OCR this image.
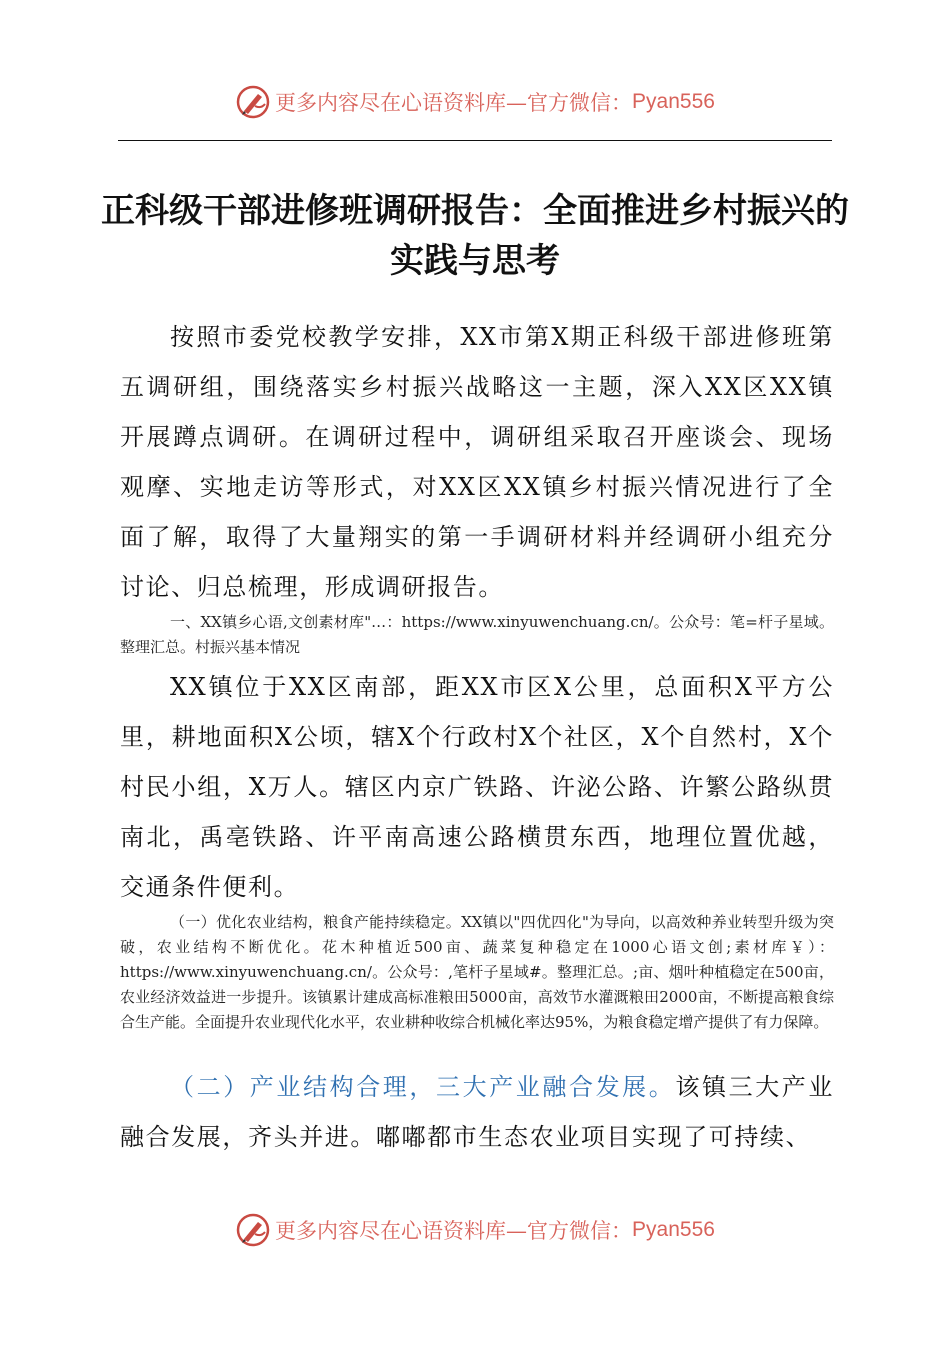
更多内容尽在心语资料库—官方微信： Pyan556
正科级干部进修班调研报告：全面推进乡村振兴的实践与思考

按照市委党校教学安排，XX市第X期正科级干部进修班第五调研组，围绕落实乡村振兴战略这一主题，深入XX区XX镇开展蹲点调研。在调研过程中，调研组采取召开座谈会、现场观摩、实地走访等形式，对XX区XX镇乡村振兴情况进行了全面了解，取得了大量翔实的第一手调研材料并经调研小组充分讨论、归总梳理，形成调研报告。

一、XX镇乡心语,文创素材库"…：https://www.xinyuwenchuang.cn/。公众号：笔=杆子星域。整理汇总。村振兴基本情况

XX镇位于XX区南部，距XX市区X公里，总面积X平方公里，耕地面积X公顷，辖X个行政村X个社区，X个自然村，X个村民小组，X万人。辖区内京广铁路、许泌公路、许繁公路纵贯南北，禹亳铁路、许平南高速公路横贯东西，地理位置优越，交通条件便利。

（一）优化农业结构，粮食产能持续稳定。XX镇以"四优四化"为导向，以高效种养业转型升级为突破，农业结构不断优化。花木种植近500亩、蔬菜复种稳定在1000心语文创;素材库￥）：https://www.xinyuwenchuang.cn/。公众号：,笔杆子星域#。整理汇总。;亩、烟叶种植稳定在500亩，农业经济效益进一步提升。该镇累计建成高标准粮田5000亩，高效节水灌溉粮田2000亩，不断提高粮食综合生产能。全面提升农业现代化水平，农业耕种收综合机械化率达95%，为粮食稳定增产提供了有力保障。

（二）产业结构合理，三大产业融合发展。该镇三大产业融合发展，齐头并进。嘟嘟都市生态农业项目实现了可持续、

更多内容尽在心语资料库—官方微信： Pyan556
